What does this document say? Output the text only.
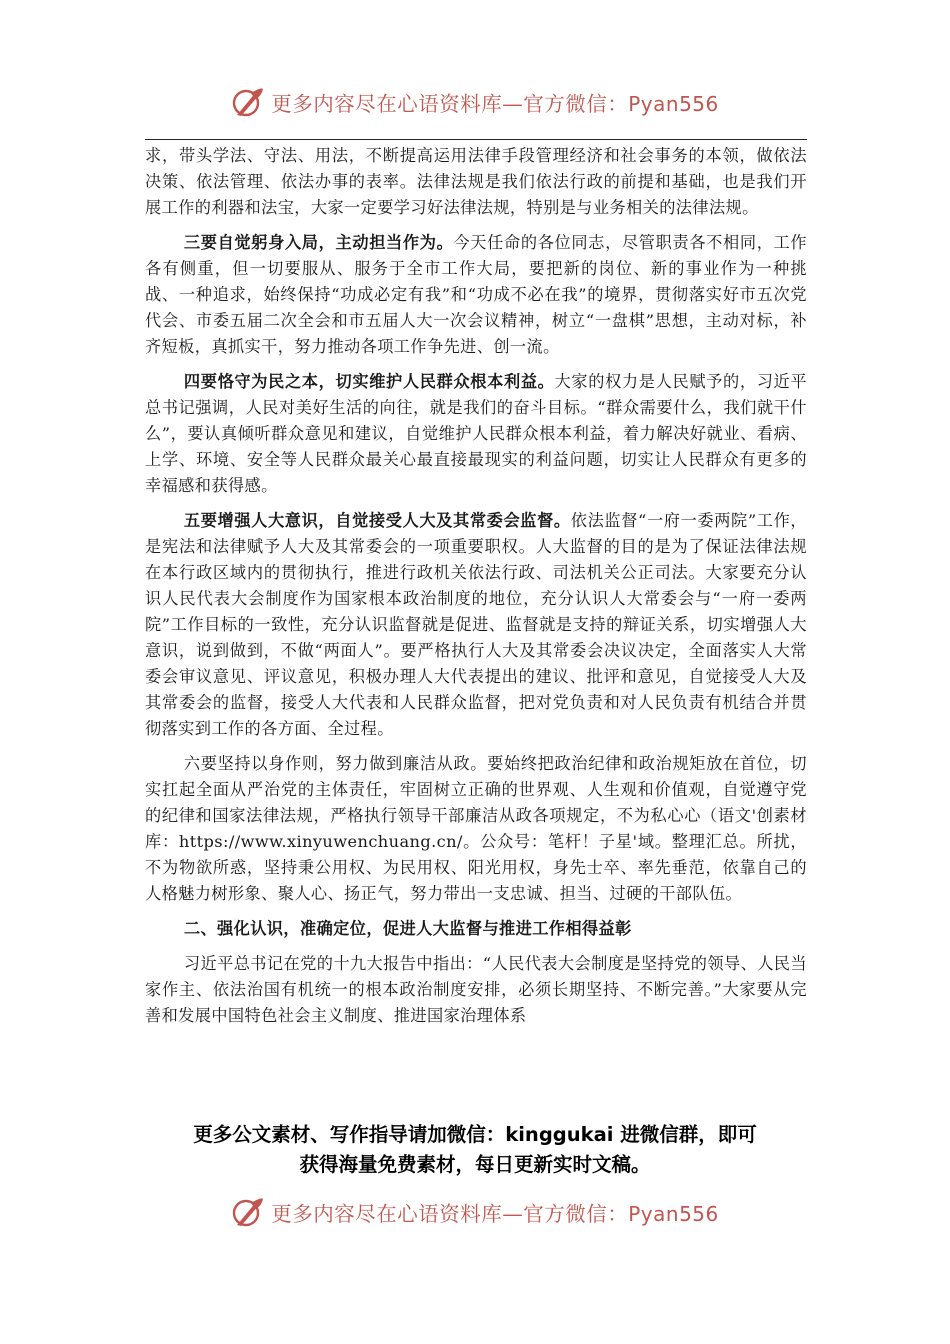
更多内容尽在心语资料库—官方微信：Pyan556

求，带头学法、守法、用法，不断提高运用法律手段管理经济和社会事务的本领，做依法决策、依法管理、依法办事的表率。法律法规是我们依法行政的前提和基础，也是我们开展工作的利器和法宝，大家一定要学习好法律法规，特别是与业务相关的法律法规。

三要自觉躬身入局，主动担当作为。今天任命的各位同志，尽管职责各不相同，工作各有侧重，但一切要服从、服务于全市工作大局，要把新的岗位、新的事业作为一种挑战、一种追求，始终保持“功成必定有我”和“功成不必在我”的境界，贯彻落实好市五次党代会、市委五届二次全会和市五届人大一次会议精神，树立“一盘棋”思想，主动对标，补齐短板，真抓实干，努力推动各项工作争先进、创一流。

四要恪守为民之本，切实维护人民群众根本利益。大家的权力是人民赋予的，习近平总书记强调，人民对美好生活的向往，就是我们的奋斗目标。“群众需要什么，我们就干什么”，要认真倾听群众意见和建议，自觉维护人民群众根本利益，着力解决好就业、看病、上学、环境、安全等人民群众最关心最直接最现实的利益问题，切实让人民群众有更多的幸福感和获得感。

五要增强人大意识，自觉接受人大及其常委会监督。依法监督“一府一委两院”工作，是宪法和法律赋予人大及其常委会的一项重要职权。人大监督的目的是为了保证法律法规在本行政区域内的贯彻执行，推进行政机关依法行政、司法机关公正司法。大家要充分认识人民代表大会制度作为国家根本政治制度的地位，充分认识人大常委会与“一府一委两院”工作目标的一致性，充分认识监督就是促进、监督就是支持的辩证关系，切实增强人大意识，说到做到，不做“两面人”。要严格执行人大及其常委会决议决定，全面落实人大常委会审议意见、评议意见，积极办理人大代表提出的建议、批评和意见，自觉接受人大及其常委会的监督，接受人大代表和人民群众监督，把对党负责和对人民负责有机结合并贯彻落实到工作的各方面、全过程。

六要坚持以身作则，努力做到廉洁从政。要始终把政治纪律和政治规矩放在首位，切实扛起全面从严治党的主体责任，牢固树立正确的世界观、人生观和价值观，自觉遵守党的纪律和国家法律法规，严格执行领导干部廉洁从政各项规定，不为私心心（语文'创素材库：https://www.xinyuwenchuang.cn/。公众号：笔杆！子星'域。整理汇总。所扰，不为物欲所惑，坚持秉公用权、为民用权、阳光用权，身先士卒、率先垂范，依靠自己的人格魅力树形象、聚人心、扬正气，努力带出一支忠诚、担当、过硬的干部队伍。

二、强化认识，准确定位，促进人大监督与推进工作相得益彰

习近平总书记在党的十九大报告中指出：“人民代表大会制度是坚持党的领导、人民当家作主、依法治国有机统一的根本政治制度安排，必须长期坚持、不断完善。”大家要从完善和发展中国特色社会主义制度、推进国家治理体系

更多公文素材、写作指导请加微信：kinggukai 进微信群，即可
获得海量免费素材，每日更新实时文稿。
更多内容尽在心语资料库—官方微信：Pyan556
